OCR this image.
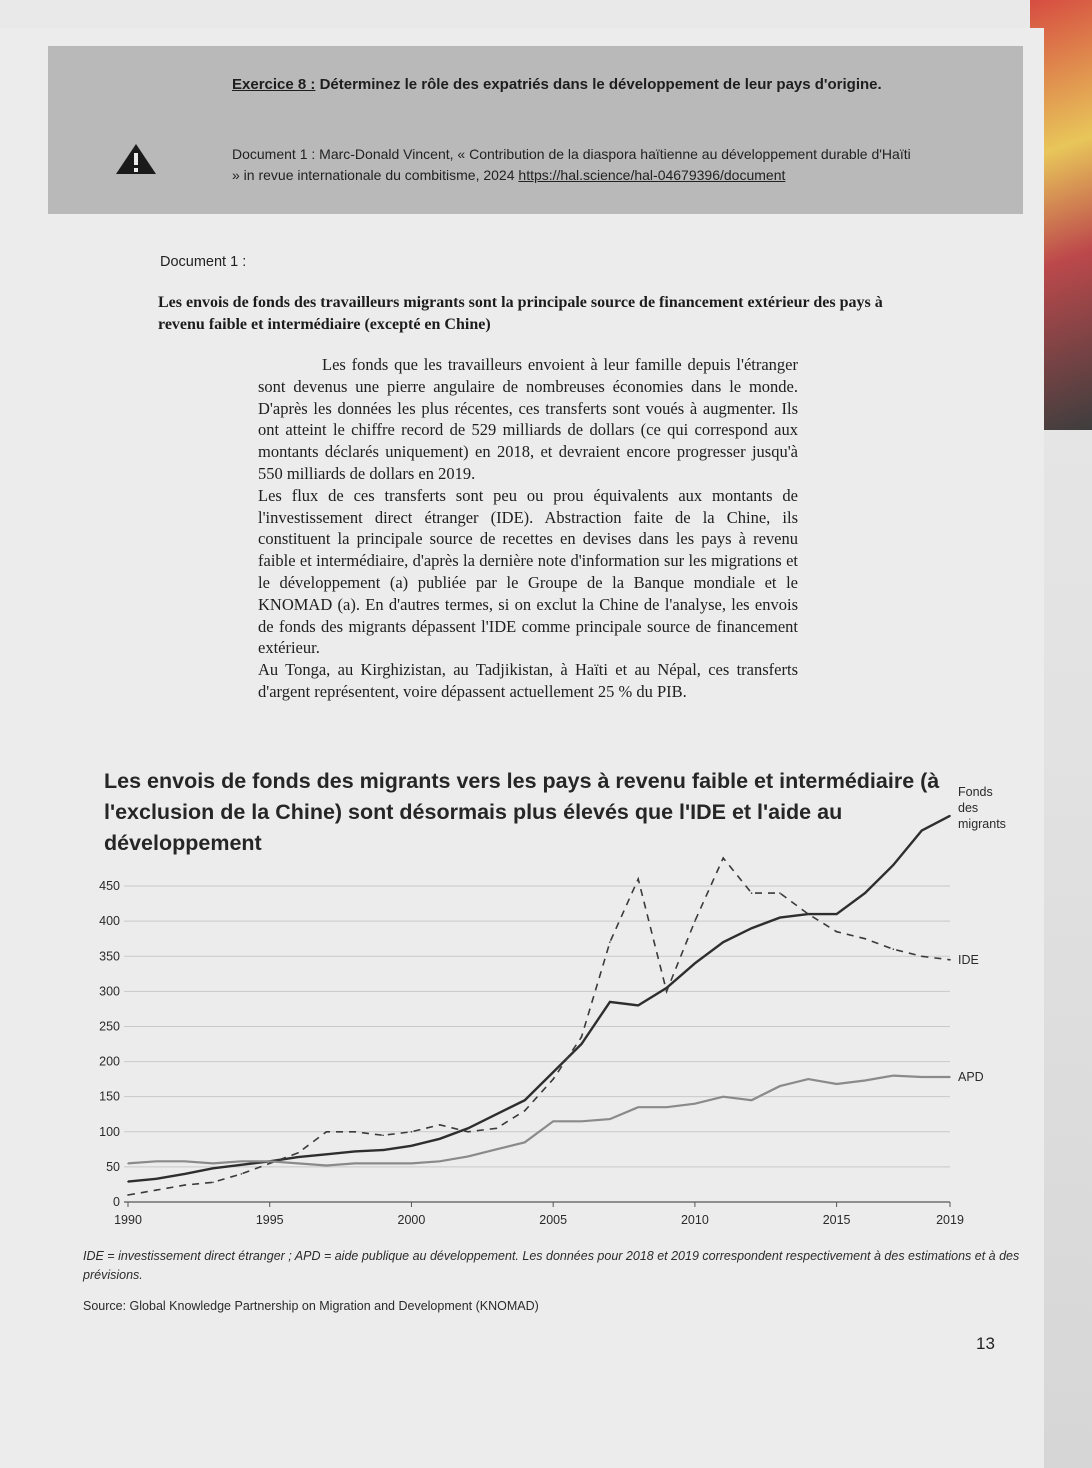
Exercice 8 : Déterminez le rôle des expatriés dans le développement de leur pays d'origine.
Document 1 : Marc-Donald Vincent, « Contribution de la diaspora haïtienne au développement durable d'Haïti » in revue internationale du combitisme, 2024 https://hal.science/hal-04679396/document
Document 1 :
Les envois de fonds des travailleurs migrants sont la principale source de financement extérieur des pays à revenu faible et intermédiaire (excepté en Chine)

Les fonds que les travailleurs envoient à leur famille depuis l'étranger sont devenus une pierre angulaire de nombreuses économies dans le monde. D'après les données les plus récentes, ces transferts sont voués à augmenter. Ils ont atteint le chiffre record de 529 milliards de dollars (ce qui correspond aux montants déclarés uniquement) en 2018, et devraient encore progresser jusqu'à 550 milliards de dollars en 2019.

Les flux de ces transferts sont peu ou prou équivalents aux montants de l'investissement direct étranger (IDE). Abstraction faite de la Chine, ils constituent la principale source de recettes en devises dans les pays à revenu faible et intermédiaire, d'après la dernière note d'information sur les migrations et le développement (a) publiée par le Groupe de la Banque mondiale et le KNOMAD (a). En d'autres termes, si on exclut la Chine de l'analyse, les envois de fonds des migrants dépassent l'IDE comme principale source de financement extérieur.

Au Tonga, au Kirghizistan, au Tadjikistan, à Haïti et au Népal, ces transferts d'argent représentent, voire dépassent actuellement 25 % du PIB.

Les envois de fonds des migrants vers les pays à revenu faible et intermédiaire (à l'exclusion de la Chine) sont désormais plus élevés que l'IDE et l'aide au développement
0
50
100
150
200
250
300
350
400
450
1990	1995	2000	2005	2010	2015	2019
Fonds
des
migrants
IDE
APD
IDE = investissement direct étranger ; APD = aide publique au développement. Les données pour 2018 et 2019 correspondent respectivement à des estimations et à des prévisions.
Source: Global Knowledge Partnership on Migration and Development (KNOMAD)
13
